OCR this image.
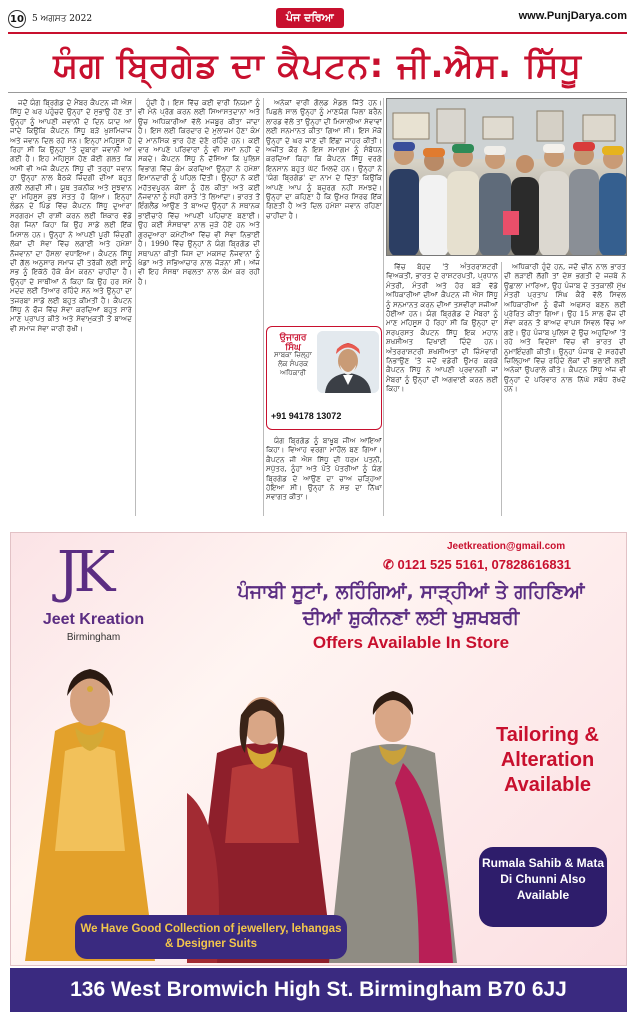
10 5 ਅਗਸਤ 2022	ਪੰਜ ਦਰਿਆ	www.PunjDarya.com
ਯੰਗ ਬ੍ਰਿਗੇਡ ਦਾ ਕੈਪਟਨ: ਜੀ.ਐਸ. ਸਿੱਧੂ

ਜਦੋਂ ਯੰਗ ਬ੍ਰਿਗੇਡ ਦੇ ਮੈਂਬਰ ਕੈਪਟਨ ਜੀ ਐਸ ਸਿੱਧੂ ਦੇ ਘਰ ਪਹੁੰਚਦੇ ਉਨ੍ਹਾਂ ਦੇ ਸੁਭਾਉ ਹੋਣ ਤਾਂ ਉਨ੍ਹਾਂ ਨੂੰ ਆਪਣੀ ਜਵਾਨੀ ਦੇ ਦਿਨ ਯਾਦ ਆ ਜਾਂਦੇ ਕਿਉਂਕਿ ਕੈਪਟਨ ਸਿੱਧੂ ਬੜੇ ਖੁਸ਼ਮਿਜ਼ਾਜ ਅਤੇ ਜਵਾਨ ਦਿਲ ਰਹੇ ਸਨ। ਇਨ੍ਹਾਂ ਮਹਿਸੂਸ ਹੋ ਰਿਹਾ ਸੀ ਕਿ ਉਨ੍ਹਾਂ 'ਤੇ ਦੁਬਾਰਾ ਜਵਾਨੀ ਆ ਗਈ ਹੈ। ਇਹ ਮਹਿਸੂਸ ਹੋਣ ਕੋਈ ਗਲਤ ਕਿ ਅਸੀਂ ਵੀ ਅਜੇ ਕੈਪਟਨ ਸਿੱਧੂ ਦੀ ਤਰ੍ਹਾਂ ਜਵਾਨ ਹਾਂ ਉਨ੍ਹਾਂ ਨਾਲ ਬੈਠਕੇ ਜ਼ਿੰਦਗੀ ਦੀਆਂ ਬਹੁਤ ਗਲੀ ਲਗਦੀ ਸੀ। ਯੂਥ ਤਕਨੀਕ ਅਤੇ ਸੂਝਵਾਨ ਦਾ ਮਹਿਸੂਸ ਕੁਝ ਮੱਤਤ ਹੋ ਗਿਆ। ਇਨ੍ਹਾਂ ਲੰਡਨ ਦੇ ਪਿੰਡ ਵਿੱਚ ਕੈਪਟਨ ਸਿੱਧੂ ਦੁਆਰਾ ਸਰਗਰਮ ਦੀ ਰਾਸ਼ੀ ਕਰਨ ਲਈ ਸ਼ਿਕਾਰ ਵੱਡੇ ਰੋਗ ਜਿਨਾਂ ਕਿਹਾ ਕਿ ਉਹ ਸਾਡੇ ਲਈ ਇੱਕ ਮਿਸਾਲ ਹਨ। ਉਨ੍ਹਾਂ ਨੇ ਆਪਣੀ ਪੂਰੀ ਜ਼ਿੰਦਗੀ ਲੋਕਾਂ ਦੀ ਸੇਵਾ ਵਿੱਚ ਲਗਾਈ ਅਤੇ ਹਮੇਸ਼ਾ ਨੌਜਵਾਨਾਂ ਦਾ ਹੌਸਲਾ ਵਧਾਇਆ। ਕੈਪਟਨ ਸਿੱਧੂ ਦੀ ਗੱਲ ਅਨੁਸਾਰ ਸਮਾਜ ਦੀ ਤਰੱਕੀ ਲਈ ਸਾਨੂੰ ਸਭ ਨੂੰ ਇਕੱਠੇ ਹੋਕੇ ਕੰਮ ਕਰਨਾ ਚਾਹੀਦਾ ਹੈ। ਉਨ੍ਹਾਂ ਦੇ ਸਾਥੀਆਂ ਨੇ ਕਿਹਾ ਕਿ ਉਹ ਹਰ ਸਮੇਂ ਮਦਦ ਲਈ ਤਿਆਰ ਰਹਿੰਦੇ ਸਨ ਅਤੇ ਉਨ੍ਹਾਂ ਦਾ ਤਜਰਬਾ ਸਾਡੇ ਲਈ ਬਹੁਤ ਕੀਮਤੀ ਹੈ। ਕੈਪਟਨ ਸਿੱਧੂ ਨੇ ਫੌਜ ਵਿੱਚ ਸੇਵਾ ਕਰਦਿਆਂ ਬਹੁਤ ਸਾਰੇ ਮਾਣ ਪ੍ਰਾਪਤ ਕੀਤੇ ਅਤੇ ਸੇਵਾਮੁਕਤੀ ਤੋਂ ਬਾਅਦ ਵੀ ਸਮਾਜ ਸੇਵਾ ਜਾਰੀ ਰੱਖੀ।

ਹੁੰਦੀ ਹੈ। ਇਸ ਵਿੱਚ ਕਈ ਵਾਰੀ ਨਿਯਮਾਂ ਨੂੰ ਵੀ ਮੰਨੇ ਪ੍ਰੋਗ ਕਰਨ ਲਈ ਸਿਆਸਤਦਾਨਾਂ ਅਤੇ ਉਚ ਅਧਿਕਾਰੀਆਂ ਵੱਲੋਂ ਮਜਬੂਰ ਕੀਤਾ ਜਾਂਦਾ ਹੈ। ਇਸ ਲਈ ਕਿਰਦਾਰ ਦੇ ਮੁਲਾਜ਼ਮ ਹੋਣਾ ਕੰਮ ਦੇ ਮਾਨਸਿਕ ਭਾਰ ਹੋਣ ਦੇਣੋ ਰਹਿੰਦੇ ਹਨ। ਕਈ ਵਾਰ ਆਪਣੇ ਪਰਿਵਾਰਾਂ ਨੂੰ ਵੀ ਸਮਾਂ ਨਹੀਂ ਦੇ ਸਕਦੇ। ਕੈਪਟਨ ਸਿੱਧੂ ਨੇ ਦੱਸਿਆ ਕਿ ਪੁਲਿਸ ਵਿਭਾਗ ਵਿੱਚ ਕੰਮ ਕਰਦਿਆਂ ਉਨ੍ਹਾਂ ਨੇ ਹਮੇਸ਼ਾ ਇਮਾਨਦਾਰੀ ਨੂੰ ਪਹਿਲ ਦਿੱਤੀ। ਉਨ੍ਹਾਂ ਨੇ ਕਈ ਮਹੱਤਵਪੂਰਨ ਕੇਸਾਂ ਨੂੰ ਹੱਲ ਕੀਤਾ ਅਤੇ ਕਈ ਨੌਜਵਾਨਾਂ ਨੂੰ ਸਹੀ ਰਸਤੇ 'ਤੇ ਲਿਆਂਦਾ। ਭਾਰਤ ਤੋਂ ਇੰਗਲੈਂਡ ਆਉਣ ਤੋਂ ਬਾਅਦ ਉਨ੍ਹਾਂ ਨੇ ਸਥਾਨਕ ਭਾਈਚਾਰੇ ਵਿੱਚ ਆਪਣੀ ਪਹਿਚਾਣ ਬਣਾਈ। ਉਹ ਕਈ ਸੰਸਥਾਵਾਂ ਨਾਲ ਜੁੜੇ ਹੋਏ ਹਨ ਅਤੇ ਗੁਰਦੁਆਰਾ ਕਮੇਟੀਆਂ ਵਿੱਚ ਵੀ ਸੇਵਾ ਨਿਭਾਈ ਹੈ। 1990 ਵਿੱਚ ਉਨ੍ਹਾਂ ਨੇ ਯੰਗ ਬ੍ਰਿਗੇਡ ਦੀ ਸਥਾਪਨਾ ਕੀਤੀ ਜਿਸ ਦਾ ਮਕਸਦ ਨੌਜਵਾਨਾਂ ਨੂੰ ਖੇਡਾਂ ਅਤੇ ਸਭਿਆਚਾਰ ਨਾਲ ਜੋੜਨਾ ਸੀ। ਅੱਜ ਵੀ ਇਹ ਸੰਸਥਾ ਸਫਲਤਾ ਨਾਲ ਕੰਮ ਕਰ ਰਹੀ ਹੈ।

ਅਨੇਕਾਂ ਵਾਰੀ ਗੋਲਡ ਮੈਡਲ ਜਿੱਤੇ ਹਨ। ਪਿਛਲੇ ਸਾਲ ਉਨ੍ਹਾਂ ਨੂੰ ਮਾਣਯੋਗ ਜ਼ਿਲਾ ਬਰੈਨ ਲਾਰਡ ਵੱਲੋਂ ਤਾਂ ਉਨ੍ਹਾਂ ਦੀ ਮਿਸਾਲੀਆ ਸੇਵਾਵਾਂ ਲਈ ਸਨਮਾਨਤ ਕੀਤਾ ਗਿਆ ਸੀ। ਇਸ ਮੌਕੇ ਉਨ੍ਹਾਂ ਦੇ ਘਰ ਜਾਣ ਦੀ ਇੱਛਾ ਜਾਹਰ ਕੀਤੀ। ਅਜੀਤ ਕੌਰ ਨੇ ਇਸ ਸਮਾਗਮ ਨੂੰ ਸੰਬੋਧਨ ਕਰਦਿਆਂ ਕਿਹਾ ਕਿ ਕੈਪਟਨ ਸਿੱਧੂ ਵਰਗੇ ਇਨਸਾਨ ਬਹੁਤ ਘੱਟ ਮਿਲਦੇ ਹਨ। ਉਨ੍ਹਾਂ ਨੇ 'ਯੰਗ ਬ੍ਰਿਗੇਡ' ਦਾ ਨਾਮ ਦੇ ਦਿੱਤਾ ਕਿਉਂਕਿ ਆਪਣੇ ਆਪ ਨੂੰ ਬਜ਼ੁਰਗ ਨਹੀਂ ਸਮਝਦੇ। ਉਨ੍ਹਾਂ ਦਾ ਕਹਿਣਾ ਹੈ ਕਿ ਉਮਰ ਸਿਰਫ ਇੱਕ ਗਿਣਤੀ ਹੈ ਅਤੇ ਦਿਲ ਹਮੇਸ਼ਾ ਜਵਾਨ ਰਹਿਣਾ ਚਾਹੀਦਾ ਹੈ।

ਉਜਾਗਰ ਸਿੰਘ
ਸਾਬਕਾ ਜ਼ਿਲ੍ਹਾ ਲੋਕ ਸੰਪਰਕ ਅਧਿਕਾਰੀ
+91 94178 13072

ਯੰਗ ਬ੍ਰਿਗੇਡ ਨੂੰ ਬਾਖੂਬ ਜੀਅ ਆਇਆਂ ਕਿਹਾ। ਵਿਆਹ ਵਰਗਾ ਮਾਹੌਲ ਬਣ ਗਿਆ। ਕੈਪਟਨ ਜੀ ਐਸ ਸਿੱਧੂ ਦੀ ਧਰਮ ਪਤਨੀ, ਸਪੁੱਤਰ, ਨੂੰਹਾਂ ਅਤੇ ਪੋਤੇ ਪੋਤਰੀਆਂ ਨੂੰ ਯੰਗ ਬ੍ਰਿਗੇਡ ਦੇ ਆਉਣ ਦਾ ਚਾਅ ਚੜ੍ਹਿਆ ਹੋਇਆ ਸੀ। ਉਨ੍ਹਾਂ ਨੇ ਸਭ ਦਾ ਨਿੱਘਾ ਸਵਾਗਤ ਕੀਤਾ।

ਵਿੱਚ ਬੇਹਦ 'ਤੇ ਅੰਤਰਰਾਸ਼ਟਰੀ ਵਿਅਕਤੀ, ਭਾਰਤ ਦੇ ਰਾਸ਼ਟਰਪਤੀ, ਪ੍ਰਧਾਨ ਮੰਤਰੀ, ਮੰਤਰੀ ਅਤੇ ਹੋਰ ਬੜੇ ਵੱਡੇ ਅਧਿਕਾਰੀਆਂ ਦੀਆਂ ਕੈਪਟਨ ਜੀ ਐਸ ਸਿੱਧੂ ਨੂੰ ਸਨਮਾਨਤ ਕਰਨ ਦੀਆਂ ਤਸਵੀਰਾਂ ਸਜੀਆਂ ਹੋਈਆਂ ਹਨ। ਯੰਗ ਬ੍ਰਿਗੇਡ ਦੇ ਮੈਂਬਰਾਂ ਨੂੰ ਮਾਣ ਮਹਿਸੂਸ ਹੋ ਰਿਹਾ ਸੀ ਕਿ ਉਨ੍ਹਾਂ ਦਾ ਸਰਪ੍ਰਸਤ ਕੈਪਟਨ ਸਿੱਧੂ ਇਕ ਮਹਾਨ ਸ਼ਖਸੀਅਤ ਦਿਖਾਈ ਦਿੰਦੇ ਹਨ। ਅੰਤਰਰਾਸ਼ਟਰੀ ਸ਼ਖਸੀਅਤਾਂ ਦੀ ਜ਼ਿੰਮੇਵਾਰੀ ਨਿਭਾਉਣ 'ਤੇ ਜਦੋਂ ਵਡੇਰੀ ਉਮਰ ਕਰਕੇ ਕੈਪਟਨ ਸਿੱਧੂ ਨੇ ਆਪਣੀ ਪ੍ਰਵਾਨਗੀ ਜਾਂ ਮੈਂਬਰਾਂ ਨੂੰ ਉਨ੍ਹਾਂ ਦੀ ਅਗਵਾਈ ਕਰਨ ਲਈ ਕਿਹਾ।

ਅਧਿਕਾਰੀ ਹੁੰਦੇ ਹਨ, ਜਦੋਂ ਚੀਨ ਨਾਲ ਭਾਰਤ ਦੀ ਲੜਾਈ ਲੱਗੀ ਤਾਂ ਦੇਸ਼ ਭਗਤੀ ਦੇ ਜਜ਼ਬੇ ਨੇ ਉਛਾਲਾ ਮਾਰਿਆ, ਉਹ ਪੰਜਾਬ ਦੇ ਤਤਕਾਲੀ ਮੁੱਖ ਮੰਤਰੀ ਪ੍ਰਤਾਪ ਸਿੰਘ ਕੈਰੋਂ ਵੱਲੋਂ ਸਿਵਲ ਅਧਿਕਾਰੀਆਂ ਨੂੰ ਫੌਜੀ ਅਫਸਰ ਬਣਨ ਲਈ ਪ੍ਰੇਰਿਤ ਕੀਤਾ ਗਿਆ। ਉਹ 15 ਸਾਲ ਫੌਜ ਦੀ ਸੇਵਾ ਕਰਨ ਤੋਂ ਬਾਅਦ ਵਾਪਸ ਸਿਵਲ ਵਿੱਚ ਆ ਗਏ। ਉਹ ਪੰਜਾਬ ਪੁਲਿਸ ਦੇ ਉਚ ਅਹੁਦਿਆਂ 'ਤੇ ਰਹੇ ਅਤੇ ਵਿਦੇਸ਼ਾਂ ਵਿੱਚ ਵੀ ਭਾਰਤ ਦੀ ਨੁਮਾਇੰਦਗੀ ਕੀਤੀ। ਉਨ੍ਹਾਂ ਪੰਜਾਬ ਦੇ ਸਰਹੱਦੀ ਜ਼ਿਲ੍ਹਿਆਂ ਵਿੱਚ ਰਹਿੰਦੇ ਲੋਕਾਂ ਦੀ ਭਲਾਈ ਲਈ ਅਨੇਕਾਂ ਉਪਰਾਲੇ ਕੀਤੇ। ਕੈਪਟਨ ਸਿੱਧੂ ਅੱਜ ਵੀ ਉਨ੍ਹਾਂ ਦੇ ਪਰਿਵਾਰ ਨਾਲ ਨਿੱਘੇ ਸਬੰਧ ਰੱਖਦੇ ਹਨ।

JK
Jeet Kreation
Birmingham
Jeetkreation@gmail.com
✆ 0121 525 5161, 07828616831
ਪੰਜਾਬੀ ਸੂਟਾਂ, ਲਹਿੰਗਿਆਂ, ਸਾੜ੍ਹੀਆਂ ਤੇ ਗਹਿਣਿਆਂ
ਦੀਆਂ ਸ਼ੁਕੀਨਣਾਂ ਲਈ ਖੁਸ਼ਖਬਰੀ
Offers Available In Store
Tailoring & Alteration Available
Rumala Sahib & Mata Di Chunni Also Available
We Have Good Collection of jewellery, lehangas & Designer Suits
136 West Bromwich High St. Birmingham B70 6JJ
